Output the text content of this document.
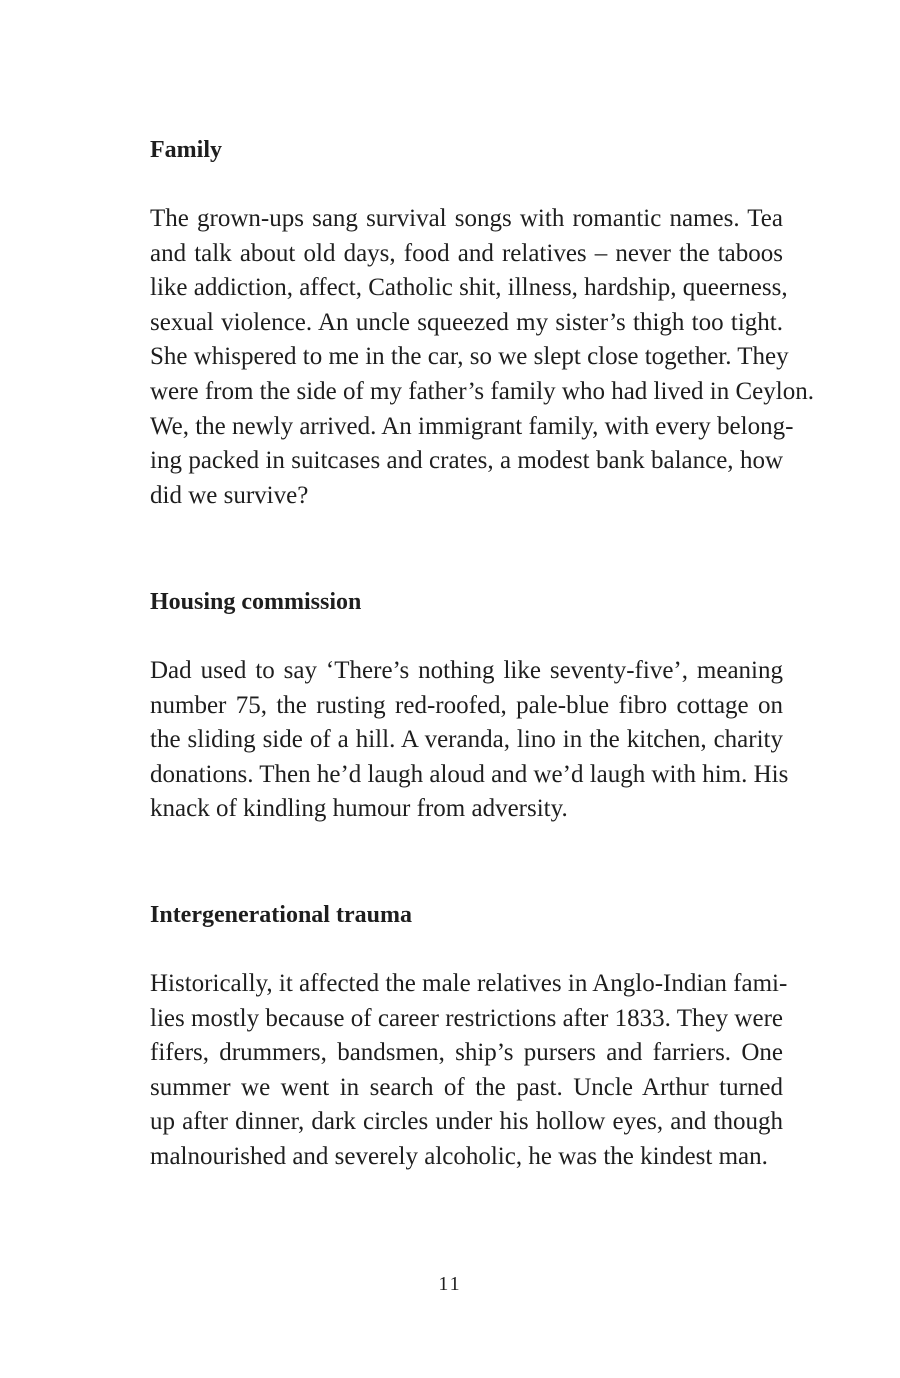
Family
The grown-ups sang survival songs with romantic names. Tea
and talk about old days, food and relatives – never the taboos
like addiction, affect, Catholic shit, illness, hardship, queerness,
sexual violence. An uncle squeezed my sister’s thigh too tight.
She whispered to me in the car, so we slept close together. They
were from the side of my father’s family who had lived in Ceylon.
We, the newly arrived. An immigrant family, with every belong-
ing packed in suitcases and crates, a modest bank balance, how
did we survive?
Housing commission
Dad used to say ‘There’s nothing like seventy-five’, meaning
number 75, the rusting red-roofed, pale-blue fibro cottage on
the sliding side of a hill. A veranda, lino in the kitchen, charity
donations. Then he’d laugh aloud and we’d laugh with him. His
knack of kindling humour from adversity.
Intergenerational trauma
Historically, it affected the male relatives in Anglo-Indian fami-
lies mostly because of career restrictions after 1833. They were
fifers, drummers, bandsmen, ship’s pursers and farriers. One
summer we went in search of the past. Uncle Arthur turned
up after dinner, dark circles under his hollow eyes, and though
malnourished and severely alcoholic, he was the kindest man.
11
